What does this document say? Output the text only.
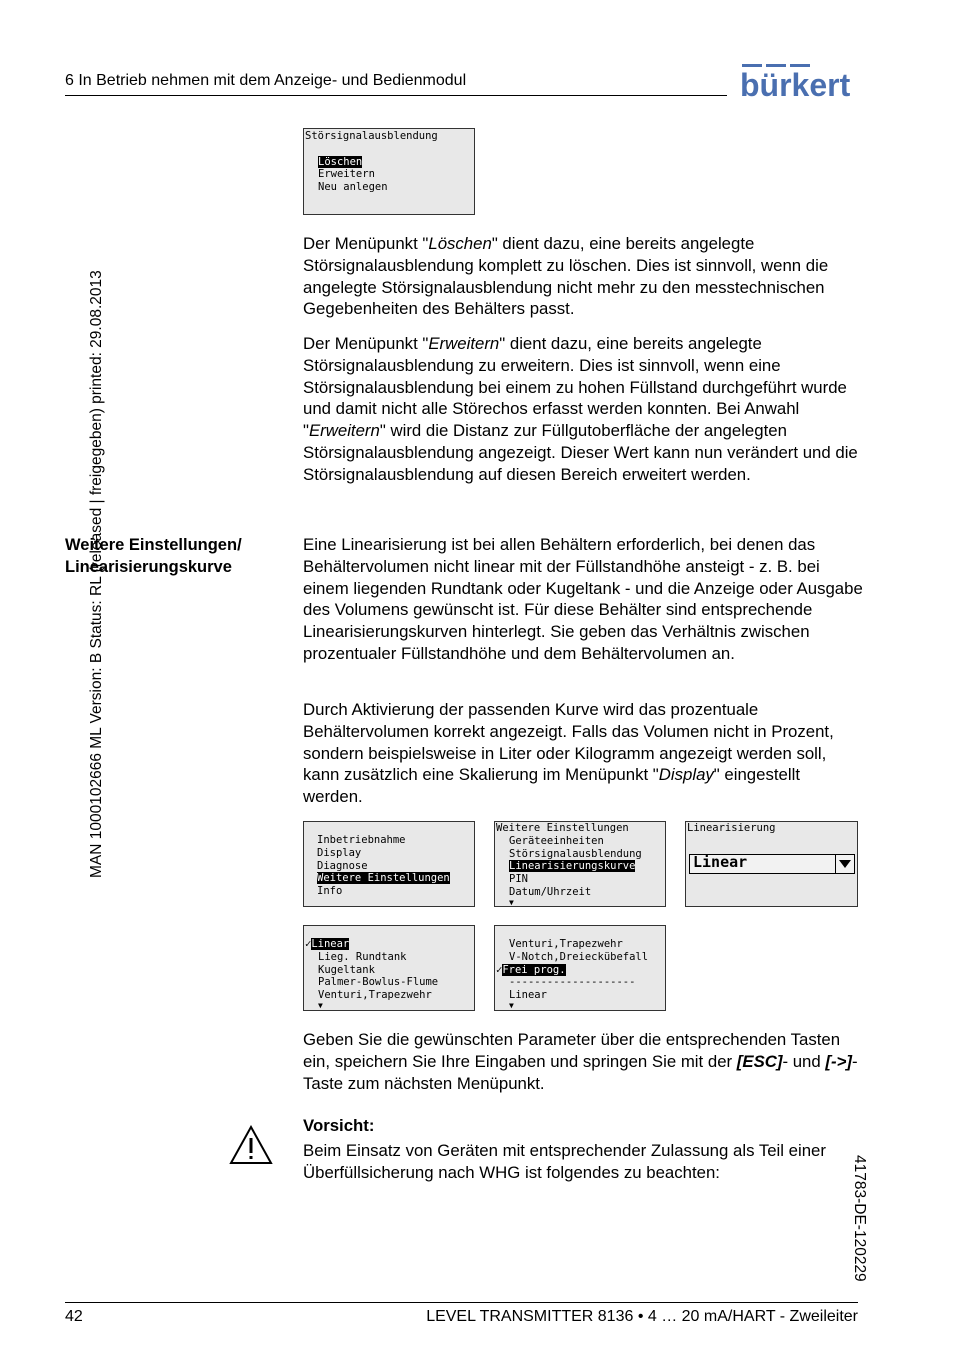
6 In Betrieb nehmen mit dem Anzeige- und Bedienmodul	bürkert
MAN 1000102666 ML Version: B Status: RL (released | freigegeben) printed: 29.08.2013
41783-DE-120229
Störsignalausblendung

Löschen
Erweitern
Neu anlegen

Der Menüpunkt "Löschen" dient dazu, eine bereits angelegte Störsignalausblendung komplett zu löschen. Dies ist sinnvoll, wenn die angelegte Störsignalausblendung nicht mehr zu den messtechnischen Gegebenheiten des Behälters passt.

Der Menüpunkt "Erweitern" dient dazu, eine bereits angelegte Störsignalausblendung zu erweitern. Dies ist sinnvoll, wenn eine Störsignalausblendung bei einem zu hohen Füllstand durchgeführt wurde und damit nicht alle Störechos erfasst werden konnten. Bei Anwahl "Erweitern" wird die Distanz zur Füllgutoberfläche der angelegten Störsignalausblendung angezeigt. Dieser Wert kann nun verändert und die Störsignalausblendung auf diesen Bereich erweitert werden.

Weitere Einstellungen/
Linearisierungskurve

Eine Linearisierung ist bei allen Behältern erforderlich, bei denen das Behältervolumen nicht linear mit der Füllstandhöhe ansteigt - z. B. bei einem liegenden Rundtank oder Kugeltank - und die Anzeige oder Ausgabe des Volumens gewünscht ist. Für diese Behälter sind entsprechende Linearisierungskurven hinterlegt. Sie geben das Verhältnis zwischen prozentualer Füllstandhöhe und dem Behältervolumen an.

Durch Aktivierung der passenden Kurve wird das prozentuale Behältervolumen korrekt angezeigt. Falls das Volumen nicht in Prozent, sondern beispielsweise in Liter oder Kilogramm angezeigt werden soll, kann zusätzlich eine Skalierung im Menüpunkt "Display" eingestellt werden.

Inbetriebnahme
Display
Diagnose
Weitere Einstellungen
Info
Weitere Einstellungen
Geräteeinheiten
Störsignalausblendung
Linearisierungskurve
PIN
Datum/Uhrzeit
▼
Linearisierung
Linear
✓Linear
Lieg. Rundtank
Kugeltank
Palmer-Bowlus-Flume
Venturi,Trapezwehr
▼
Venturi,Trapezwehr
V-Notch,Dreieckübefall
✓Frei prog.
--------------------
Linear
▼

Geben Sie die gewünschten Parameter über die entsprechenden Tasten ein, speichern Sie Ihre Eingaben und springen Sie mit der [ESC]- und [->]-Taste zum nächsten Menüpunkt.

Vorsicht:

Beim Einsatz von Geräten mit entsprechender Zulassung als Teil einer Überfüllsicherung nach WHG ist folgendes zu beachten:

42	LEVEL TRANSMITTER 8136 • 4 … 20 mA/HART - Zweileiter
